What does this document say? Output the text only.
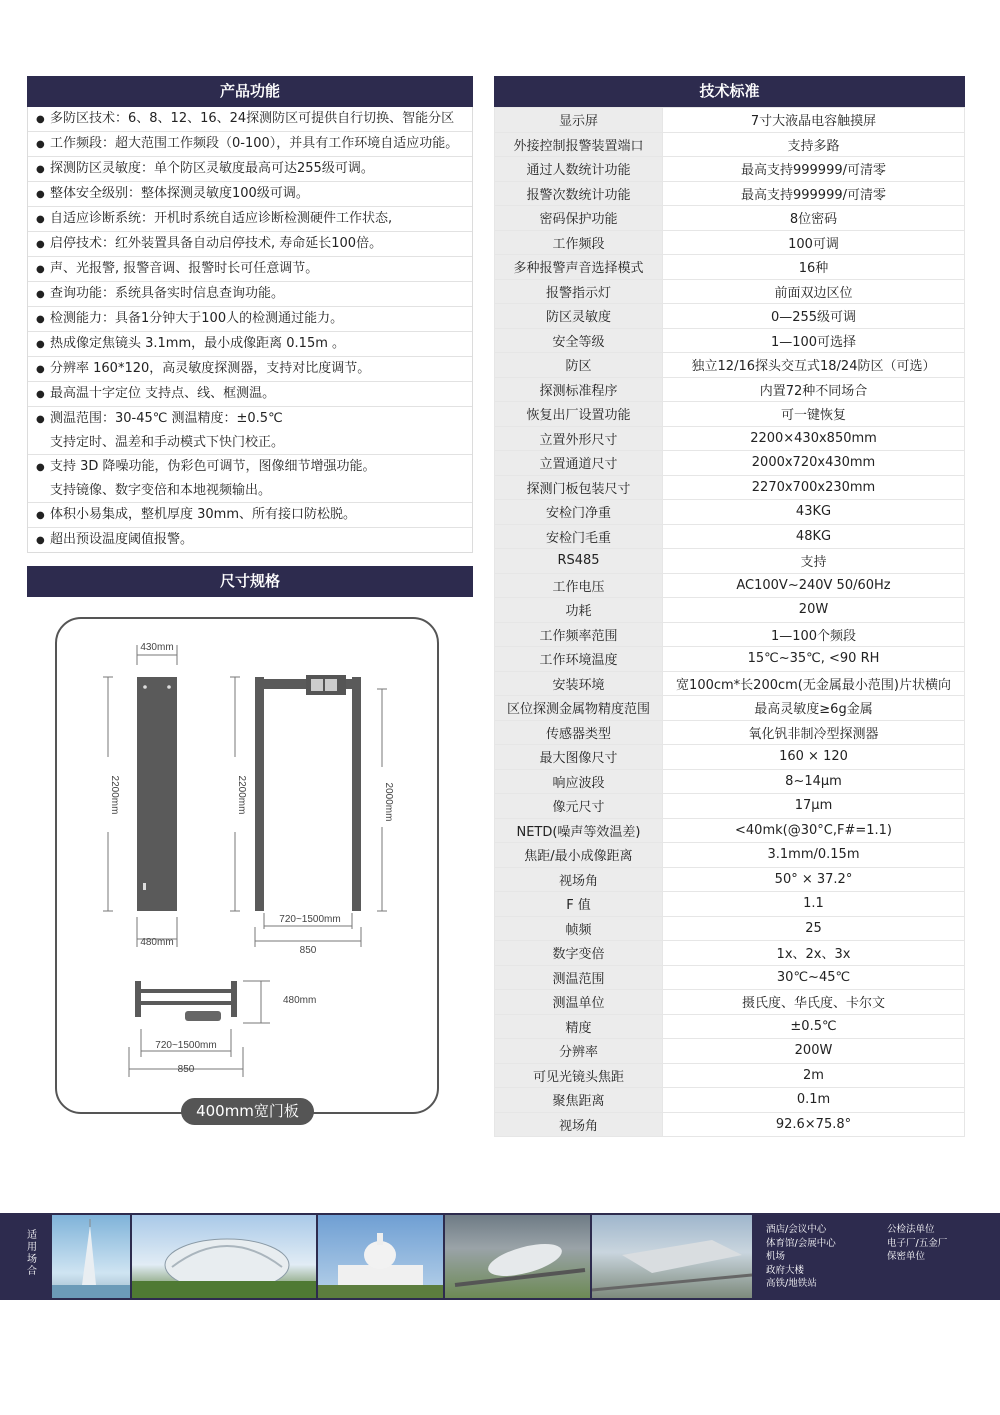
产品功能
● 多防区技术：6、8、12、16、24探测防区可提供自行切换、智能分区
● 工作频段：超大范围工作频段（0-100），并具有工作环境自适应功能。
● 探测防区灵敏度：单个防区灵敏度最高可达255级可调。
● 整体安全级别：整体探测灵敏度100级可调。
● 自适应诊断系统：开机时系统自适应诊断检测硬件工作状态,
● 启停技术：红外装置具备自动启停技术, 寿命延长100倍。
● 声、光报警, 报警音调、报警时长可任意调节。
● 查询功能：系统具备实时信息查询功能。
● 检测能力：具备1分钟大于100人的检测通过能力。
● 热成像定焦镜头 3.1mm，最小成像距离 0.15m 。
● 分辨率 160*120，高灵敏度探测器，支持对比度调节。
● 最高温十字定位 支持点、线、框测温。
● 测温范围：30-45℃ 测温精度：±0.5℃
支持定时、温差和手动模式下快门校正。
● 支持 3D 降噪功能，伪彩色可调节，图像细节增强功能。
支持镜像、数字变倍和本地视频输出。
● 体积小易集成，整机厚度 30mm、所有接口防松脱。
● 超出预设温度阈值报警。
尺寸规格
430mm
2200mm
480mm
2200mm	2000mm
720~1500mm
850
480mm
720~1500mm
850
400mm宽门板
技术标准
显示屏	7寸大液晶电容触摸屏
外接控制报警装置端口	支持多路
通过人数统计功能	最高支持999999/可清零
报警次数统计功能	最高支持999999/可清零
密码保护功能	8位密码
工作频段	100可调
多种报警声音选择模式	16种
报警指示灯	前面双边区位
防区灵敏度	0—255级可调
安全等级	1—100可选择
防区	独立12/16探头交互式18/24防区（可选）
探测标准程序	内置72种不同场合
恢复出厂设置功能	可一键恢复
立置外形尺寸	2200×430x850mm
立置通道尺寸	2000x720x430mm
探测门板包装尺寸	2270x700x230mm
安检门净重	43KG
安检门毛重	48KG
RS485	支持
工作电压	AC100V~240V 50/60Hz
功耗	20W
工作频率范围	1—100个频段
工作环境温度	15℃~35℃, <90 RH
安装环境	宽100cm*长200cm(无金属最小范围)片状横向
区位探测金属物精度范围	最高灵敏度≥6g金属
传感器类型	氧化钒非制冷型探测器
最大图像尺寸	160 × 120
响应波段	8~14μm
像元尺寸	17μm
NETD(噪声等效温差)	<40mk(@30°C,F#=1.1)
焦距/最小成像距离	3.1mm/0.15m
视场角	50° × 37.2°
F 值	1.1
帧频	25
数字变倍	1x、2x、3x
测温范围	30℃~45℃
测温单位	摄氏度、华氏度、卡尔文
精度	±0.5℃
分辨率	200W
可见光镜头焦距	2m
聚焦距离	0.1m
视场角	92.6×75.8°
适
用
场
合
酒店/会议中心
体育馆/会展中心
机场
政府大楼
高铁/地铁站
公检法单位
电子厂/五金厂
保密单位
